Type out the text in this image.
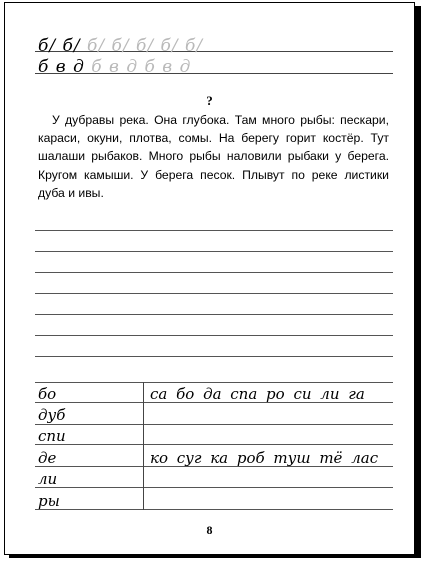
б/ б/ б/ б/ б/ б/ б/
б в д б в д б в д
?

У дубравы река. Она глубока. Там много рыбы: пескари, караси, окуни, плотва, сомы. На берегу горит костёр. Тут шалаши рыбаков. Много рыбы наловили рыбаки у берега. Кругом камыши. У берега песок. Плывут по реке листики дуба и ивы.

бо
дуб
спи
де
ли
ры
са бо да спа ро си ли га
ко суг ка роб туш тё лас
8
